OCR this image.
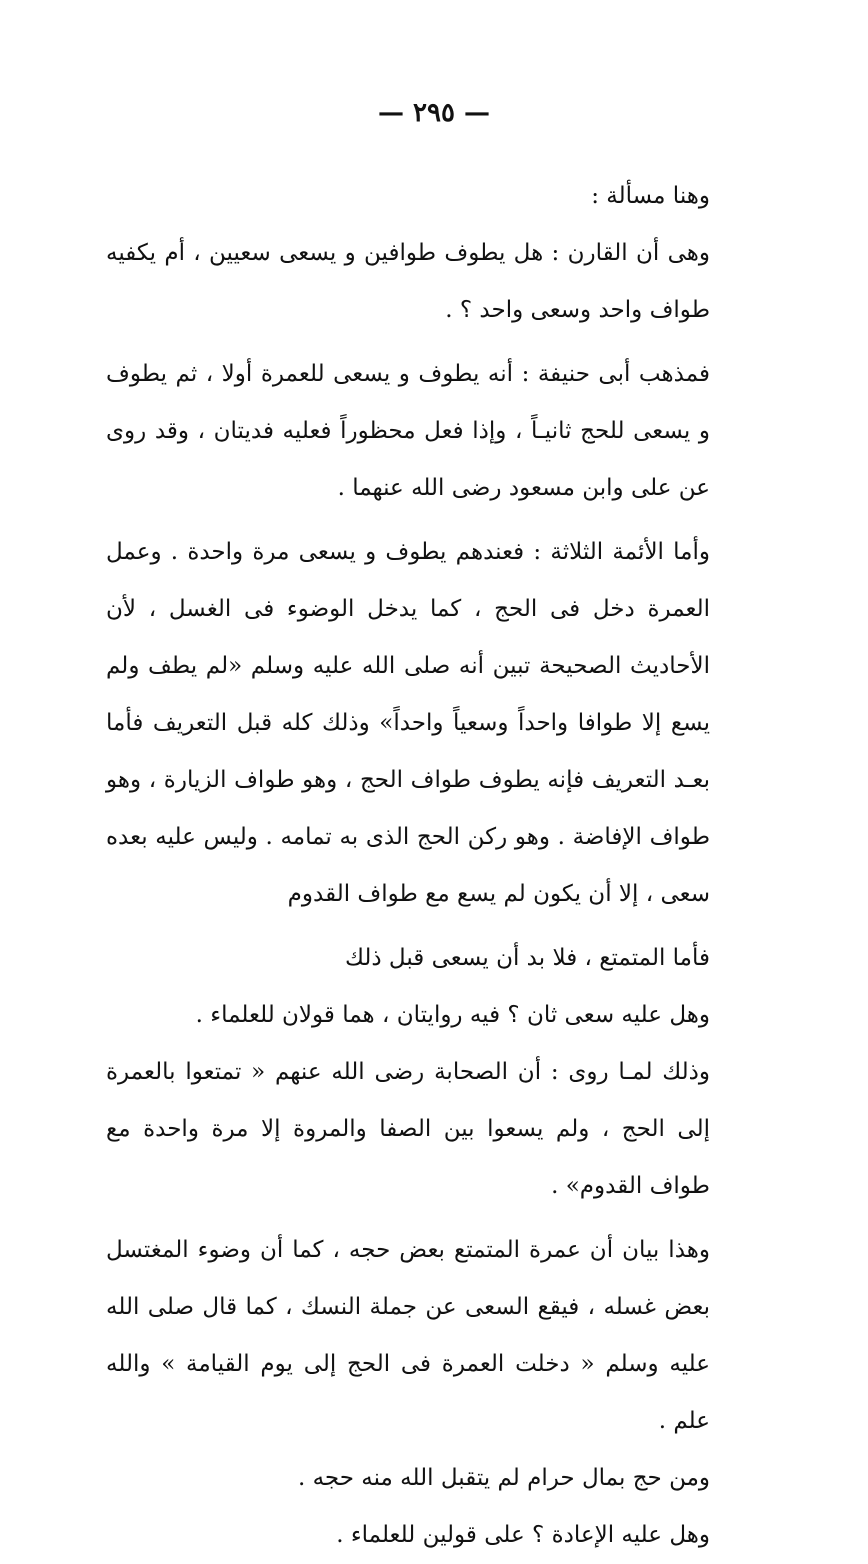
— ٢٩٥ —

وهنا مسألة :

وهى أن القارن : هل يطوف طوافين و يسعى سعيين ، أم يكفيه طواف واحد وسعى واحد ؟ .

فمذهب أبى حنيفة : أنه يطوف و يسعى للعمرة أولا ، ثم يطوف و يسعى للحج ثانيـاً ، وإذا فعل محظوراً فعليه فديتان ، وقد روى عن على وابن مسعود رضى الله عنهما .

وأما الأئمة الثلاثة : فعندهم يطوف و يسعى مرة واحدة . وعمل العمرة دخل فى الحج ، كما يدخل الوضوء فى الغسل ، لأن الأحاديث الصحيحة تبين أنه صلى الله عليه وسلم «لم يطف ولم يسع إلا طوافا واحداً وسعياً واحداً» وذلك كله قبل التعريف فأما بعـد التعريف فإنه يطوف طواف الحج ، وهو طواف الزيارة ، وهو طواف الإفاضة . وهو ركن الحج الذى به تمامه . وليس عليه بعده سعى ، إلا أن يكون لم يسع مع طواف القدوم

فأما المتمتع ، فلا بد أن يسعى قبل ذلك

وهل عليه سعى ثان ؟ فيه روايتان ، هما قولان للعلماء .

وذلك لمـا روى : أن الصحابة رضى الله عنهم « تمتعوا بالعمرة إلى الحج ، ولم يسعوا بين الصفا والمروة إلا مرة واحدة مع طواف القدوم» .

وهذا بيان أن عمرة المتمتع بعض حجه ، كما أن وضوء المغتسل بعض غسله ، فيقع السعى عن جملة النسك ، كما قال صلى الله عليه وسلم « دخلت العمرة فى الحج إلى يوم القيامة » والله علم .

ومن حج بمال حرام لم يتقبل الله منه حجه .

وهل عليه الإعادة ؟ على قولين للعلماء .
